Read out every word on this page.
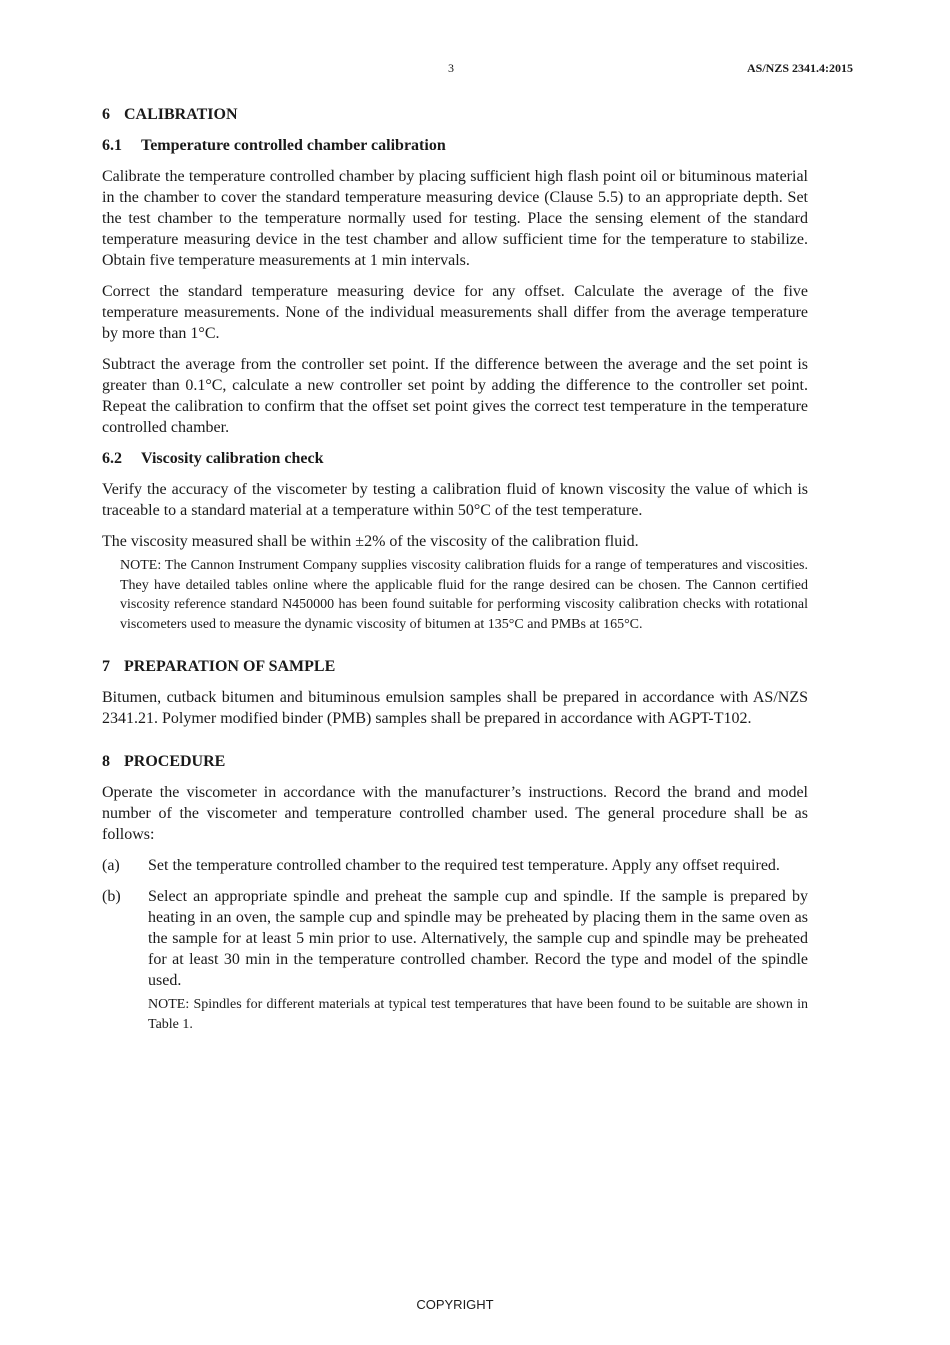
3	AS/NZS 2341.4:2015
6 CALIBRATION
6.1 Temperature controlled chamber calibration

Calibrate the temperature controlled chamber by placing sufficient high flash point oil or bituminous material in the chamber to cover the standard temperature measuring device (Clause 5.5) to an appropriate depth. Set the test chamber to the temperature normally used for testing. Place the sensing element of the standard temperature measuring device in the test chamber and allow sufficient time for the temperature to stabilize. Obtain five temperature measurements at 1 min intervals.

Correct the standard temperature measuring device for any offset. Calculate the average of the five temperature measurements. None of the individual measurements shall differ from the average temperature by more than 1°C.

Subtract the average from the controller set point. If the difference between the average and the set point is greater than 0.1°C, calculate a new controller set point by adding the difference to the controller set point. Repeat the calibration to confirm that the offset set point gives the correct test temperature in the temperature controlled chamber.

6.2 Viscosity calibration check

Verify the accuracy of the viscometer by testing a calibration fluid of known viscosity the value of which is traceable to a standard material at a temperature within 50°C of the test temperature.

The viscosity measured shall be within ±2% of the viscosity of the calibration fluid.

NOTE: The Cannon Instrument Company supplies viscosity calibration fluids for a range of temperatures and viscosities. They have detailed tables online where the applicable fluid for the range desired can be chosen. The Cannon certified viscosity reference standard N450000 has been found suitable for performing viscosity calibration checks with rotational viscometers used to measure the dynamic viscosity of bitumen at 135°C and PMBs at 165°C.

7 PREPARATION OF SAMPLE

Bitumen, cutback bitumen and bituminous emulsion samples shall be prepared in accordance with AS/NZS 2341.21. Polymer modified binder (PMB) samples shall be prepared in accordance with AGPT-T102.

8 PROCEDURE

Operate the viscometer in accordance with the manufacturer’s instructions. Record the brand and model number of the viscometer and temperature controlled chamber used. The general procedure shall be as follows:

(a)	Set the temperature controlled chamber to the required test temperature. Apply any offset required.

(b)	Select an appropriate spindle and preheat the sample cup and spindle. If the sample is prepared by heating in an oven, the sample cup and spindle may be preheated by placing them in the same oven as the sample for at least 5 min prior to use. Alternatively, the sample cup and spindle may be preheated for at least 30 min in the temperature controlled chamber. Record the type and model of the spindle used.

NOTE: Spindles for different materials at typical test temperatures that have been found to be suitable are shown in Table 1.

COPYRIGHT
